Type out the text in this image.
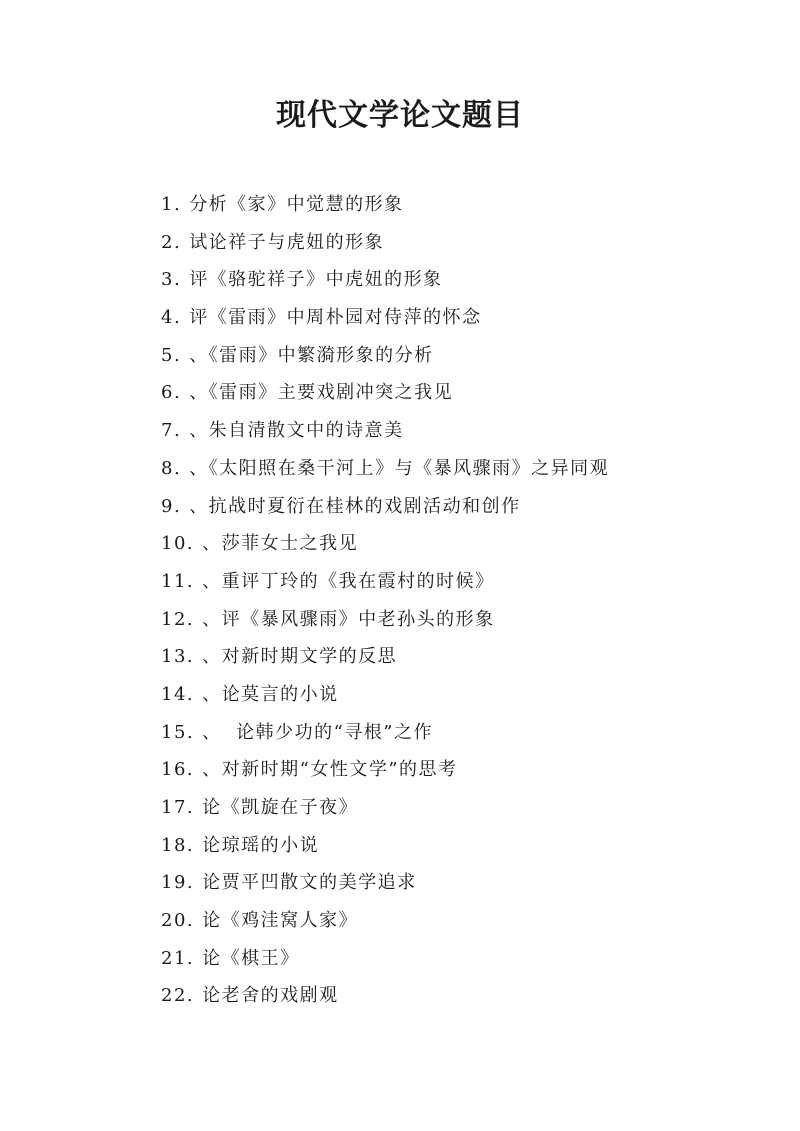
现代文学论文题目
1. 分析《家》中觉慧的形象
2. 试论祥子与虎妞的形象
3. 评《骆驼祥子》中虎妞的形象
4. 评《雷雨》中周朴园对侍萍的怀念
5. 、《雷雨》中繁漪形象的分析
6. 、《雷雨》主要戏剧冲突之我见
7. 、朱自清散文中的诗意美
8. 、《太阳照在桑干河上》与《暴风骤雨》之异同观
9. 、抗战时夏衍在桂林的戏剧活动和创作
10. 、莎菲女士之我见
11. 、重评丁玲的《我在霞村的时候》
12. 、评《暴风骤雨》中老孙头的形象
13. 、对新时期文学的反思
14. 、论莫言的小说
15. 、  论韩少功的“寻根”之作
16. 、对新时期“女性文学”的思考
17. 论《凯旋在子夜》
18. 论琼瑶的小说
19. 论贾平凹散文的美学追求
20. 论《鸡洼窝人家》
21. 论《棋王》
22. 论老舍的戏剧观
